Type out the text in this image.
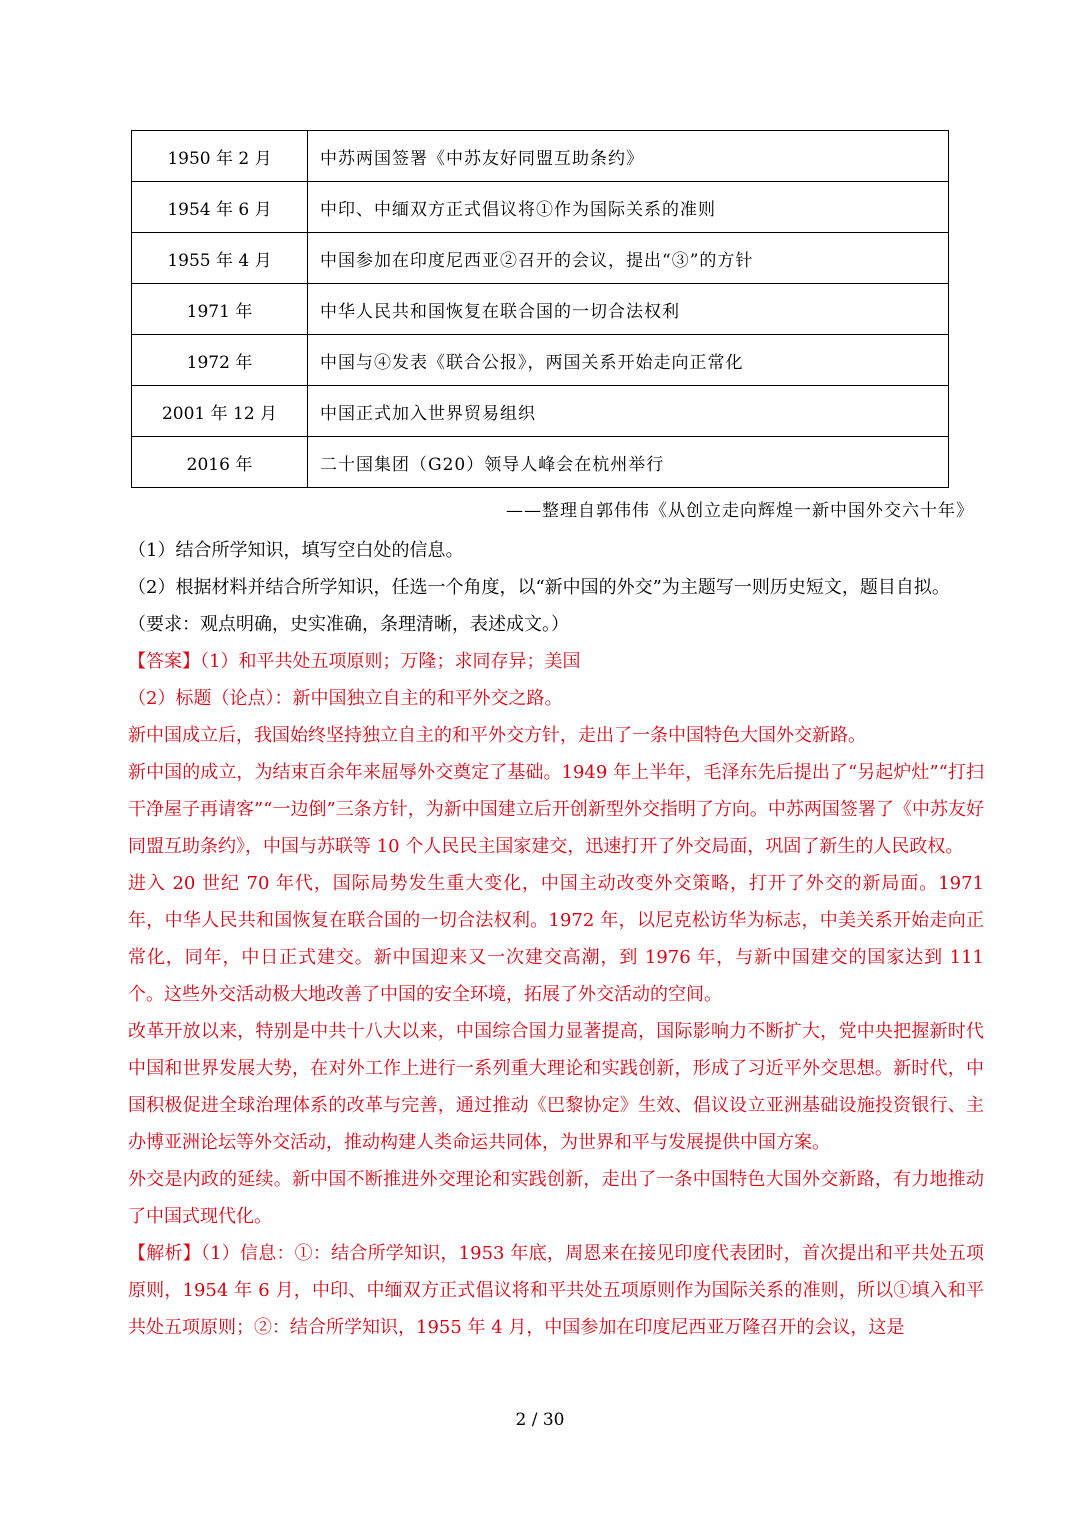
1950 年 2 月	中苏两国签署《中苏友好同盟互助条约》
1954 年 6 月	中印、中缅双方正式倡议将①作为国际关系的准则
1955 年 4 月	中国参加在印度尼西亚②召开的会议，提出“③”的方针
1971 年	中华人民共和国恢复在联合国的一切合法权利
1972 年	中国与④发表《联合公报》，两国关系开始走向正常化
2001 年 12 月	中国正式加入世界贸易组织
2016 年	二十国集团（G20）领导人峰会在杭州举行
——整理自郭伟伟《从创立走向辉煌一新中国外交六十年》

（1）结合所学知识，填写空白处的信息。

（2）根据材料并结合所学知识，任选一个角度，以“新中国的外交”为主题写一则历史短文，题目自拟。

（要求：观点明确，史实准确，条理清晰，表述成文。）

【答案】（1）和平共处五项原则；万隆；求同存异；美国

（2）标题（论点）：新中国独立自主的和平外交之路。

新中国成立后，我国始终坚持独立自主的和平外交方针，走出了一条中国特色大国外交新路。

新中国的成立，为结束百余年来屈辱外交奠定了基础。1949 年上半年，毛泽东先后提出了“另起炉灶”“打扫干净屋子再请客”“一边倒”三条方针，为新中国建立后开创新型外交指明了方向。中苏两国签署了《中苏友好同盟互助条约》，中国与苏联等 10 个人民民主国家建交，迅速打开了外交局面，巩固了新生的人民政权。

进入 20 世纪 70 年代，国际局势发生重大变化，中国主动改变外交策略，打开了外交的新局面。1971 年，中华人民共和国恢复在联合国的一切合法权利。1972 年，以尼克松访华为标志，中美关系开始走向正常化，同年，中日正式建交。新中国迎来又一次建交高潮，到 1976 年，与新中国建交的国家达到 111 个。这些外交活动极大地改善了中国的安全环境，拓展了外交活动的空间。

改革开放以来，特别是中共十八大以来，中国综合国力显著提高，国际影响力不断扩大，党中央把握新时代中国和世界发展大势，在对外工作上进行一系列重大理论和实践创新，形成了习近平外交思想。新时代，中国积极促进全球治理体系的改革与完善，通过推动《巴黎协定》生效、倡议设立亚洲基础设施投资银行、主办博亚洲论坛等外交活动，推动构建人类命运共同体，为世界和平与发展提供中国方案。

外交是内政的延续。新中国不断推进外交理论和实践创新，走出了一条中国特色大国外交新路，有力地推动了中国式现代化。

【解析】（1）信息：①：结合所学知识，1953 年底，周恩来在接见印度代表团时，首次提出和平共处五项原则，1954 年 6 月，中印、中缅双方正式倡议将和平共处五项原则作为国际关系的准则，所以①填入和平共处五项原则；②：结合所学知识，1955 年 4 月，中国参加在印度尼西亚万隆召开的会议，这是

2 / 30
